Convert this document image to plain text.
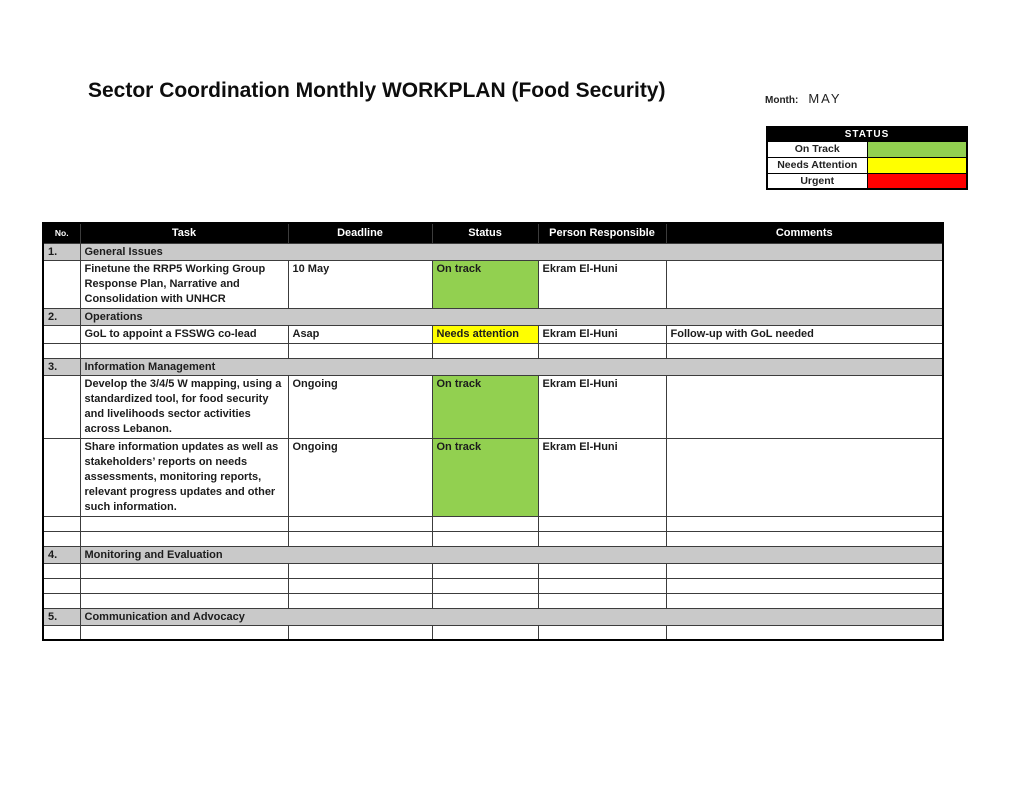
Sector Coordination Monthly WORKPLAN (Food Security)	Month: MAY
STATUS	
On Track	
Needs Attention	
Urgent	
No.	Task	Deadline	Status	Person Responsible	Comments
1.	General Issues				
	Finetune the RRP5 Working Group Response Plan, Narrative and Consolidation with UNHCR	10 May	On track	Ekram El-Huni	
2.	Operations				
	GoL to appoint a FSSWG co-lead	Asap	Needs attention	Ekram El-Huni	Follow-up with GoL needed

3.	Information Management				
	Develop the 3/4/5 W mapping, using a standardized tool, for food security and livelihoods sector activities across Lebanon.	Ongoing	On track	Ekram El-Huni	
	Share information updates as well as stakeholders’ reports on needs assessments, monitoring reports, relevant progress updates and other such information.	Ongoing	On track	Ekram El-Huni	

4.	Monitoring and Evaluation				

5.	Communication and Advocacy				
